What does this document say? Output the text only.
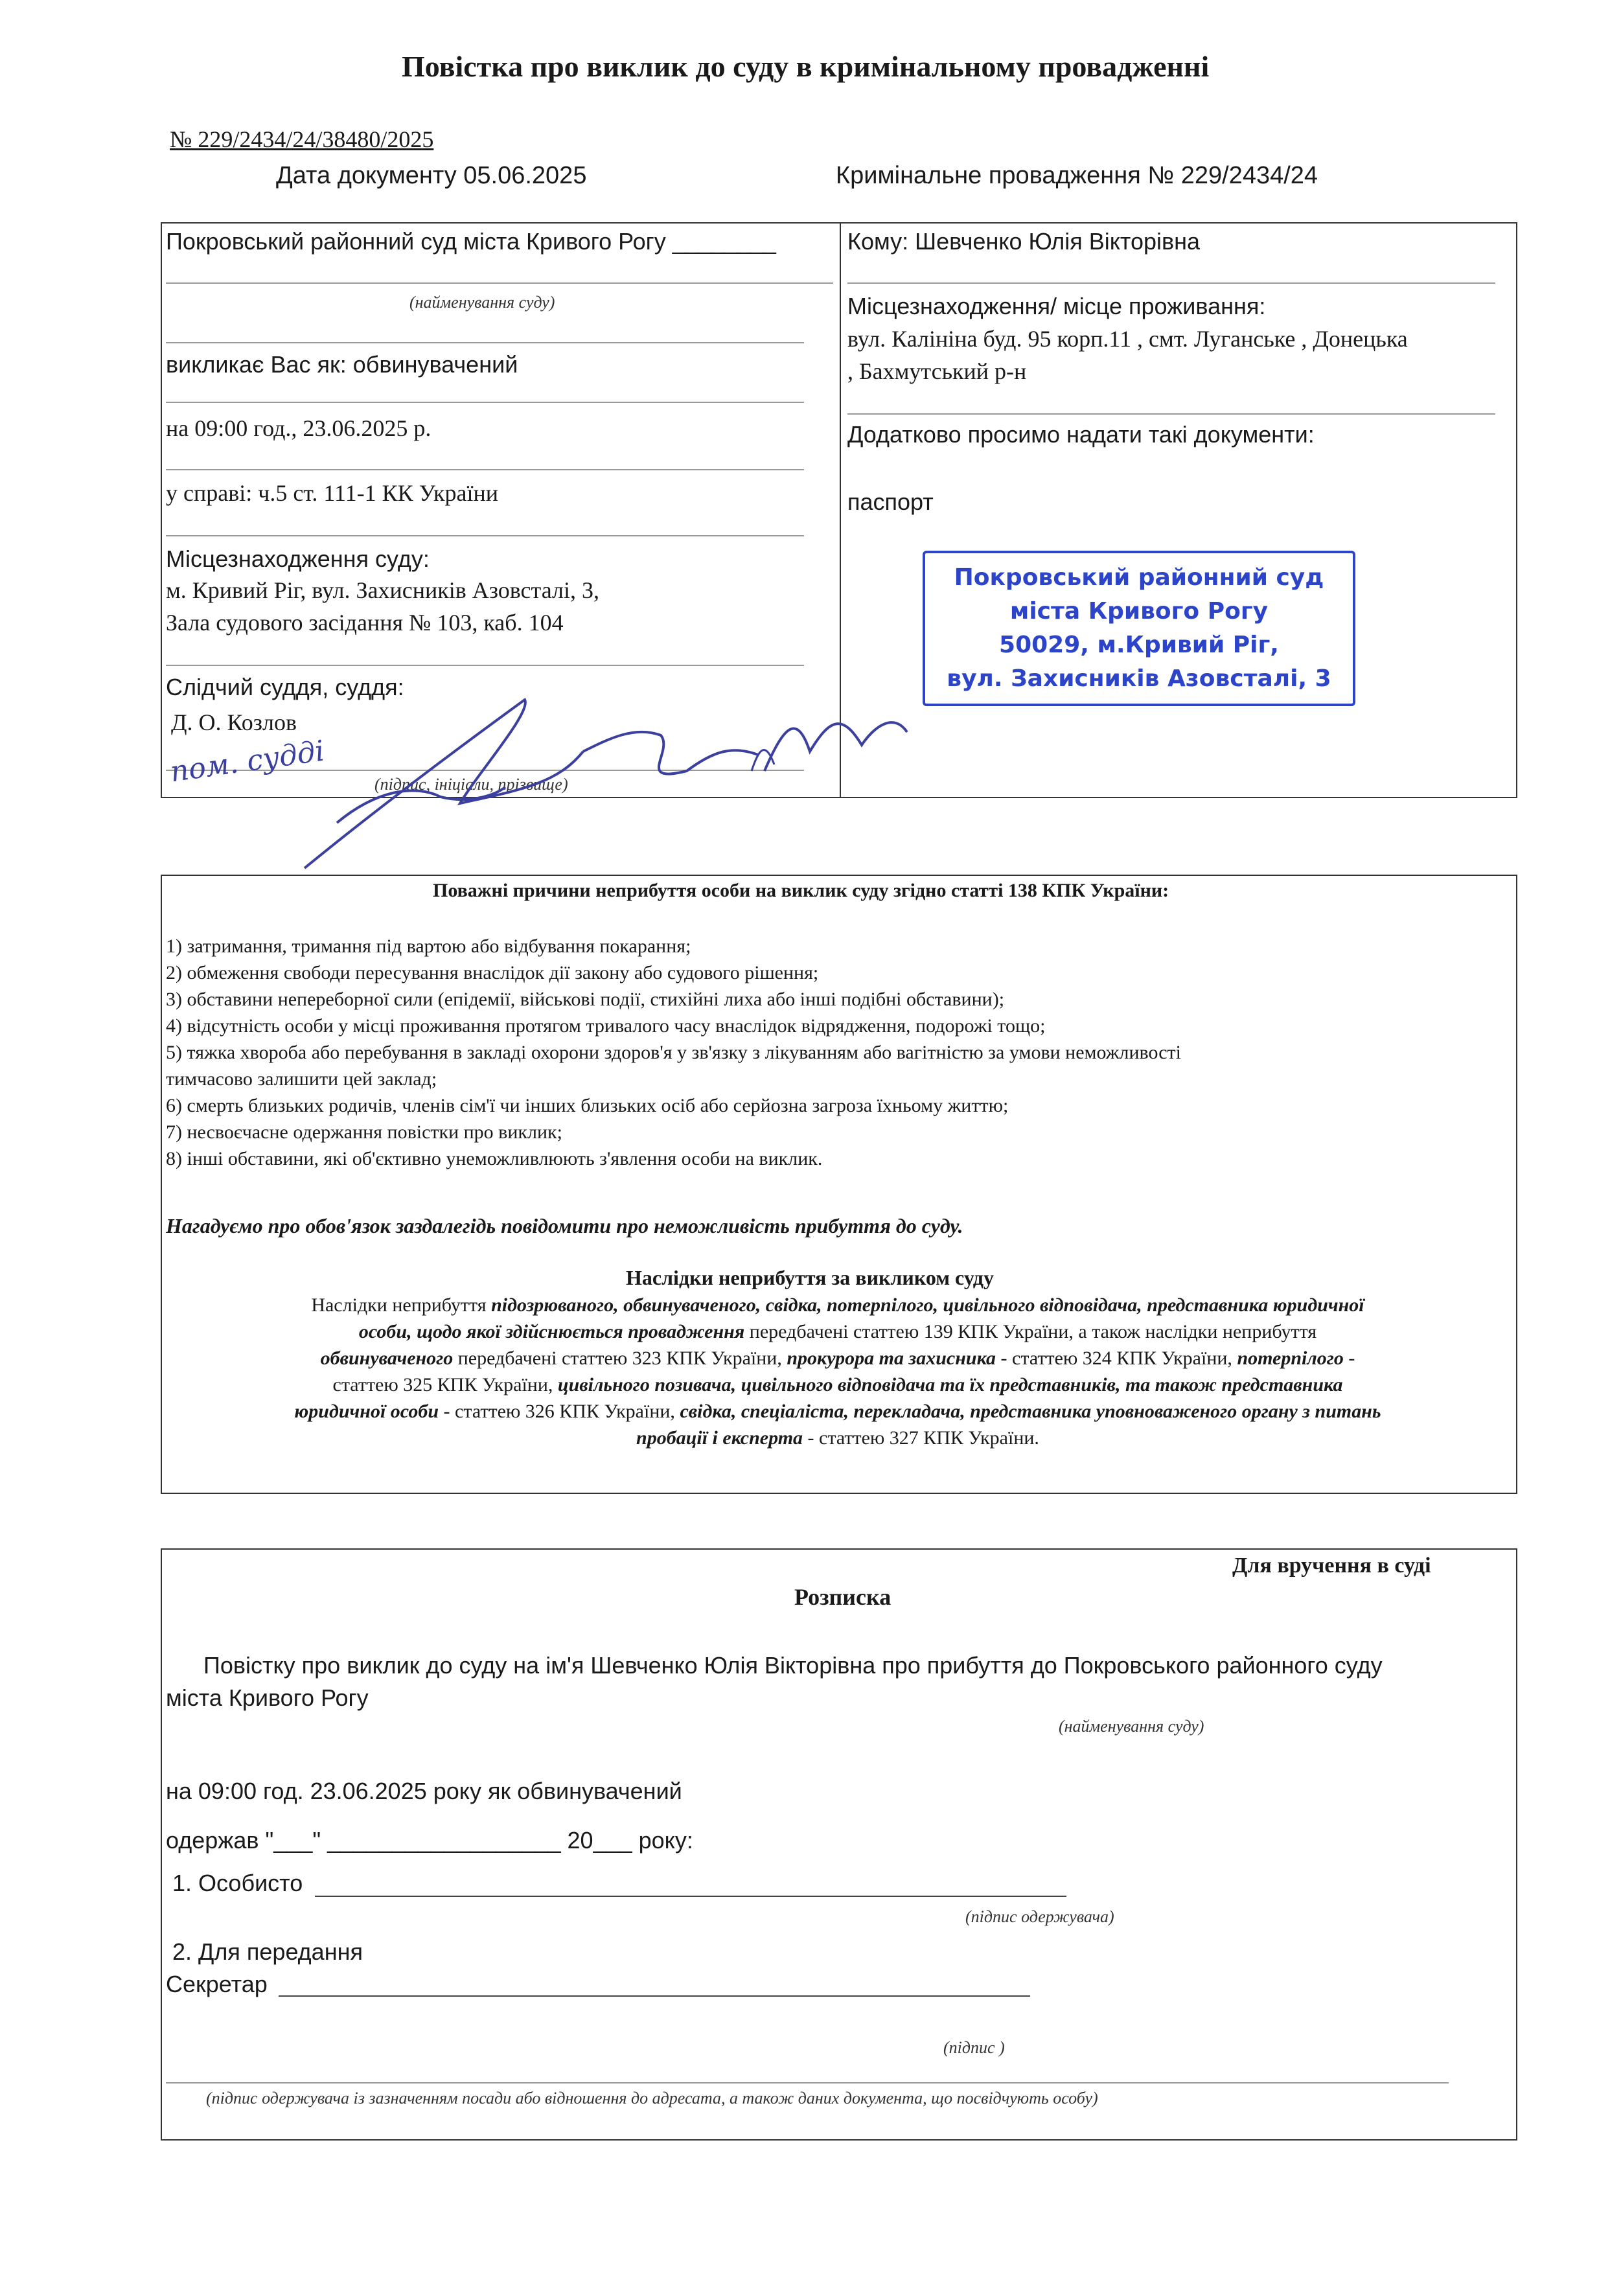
Повістка про виклик до суду в кримінальному провадженні
№ 229/2434/24/38480/2025
Дата документу 05.06.2025	Кримінальне провадження № 229/2434/24
Покровський районний суд міста Кривого Рогу ________
(найменування суду)
викликає Вас як: обвинувачений
на 09:00 год., 23.06.2025 р.
у справі: ч.5 ст. 111-1 КК України
Місцезнаходження суду:
м. Кривий Ріг, вул. Захисників Азовсталі, 3,
Зала судового засідання № 103, каб. 104
Слідчий суддя, суддя:
Д. О. Козлов
(підпис, ініціали, прізвище)
пом. судді
Кому: Шевченко Юлія Вікторівна
Місцезнаходження/ місце проживання:
вул. Калініна буд. 95 корп.11 , смт. Луганське , Донецька
, Бахмутський р-н
Додатково просимо надати такі документи:
паспорт
Покровський районний суд
міста Кривого Рогу
50029, м.Кривий Ріг,
вул. Захисників Азовсталі, 3
Поважні причини неприбуття особи на виклик суду згідно статті 138 КПК України:
1) затримання, тримання під вартою або відбування покарання;
2) обмеження свободи пересування внаслідок дії закону або судового рішення;
3) обставини непереборної сили (епідемії, військові події, стихійні лиха або інші подібні обставини);
4) відсутність особи у місці проживання протягом тривалого часу внаслідок відрядження, подорожі тощо;
5) тяжка хвороба або перебування в закладі охорони здоров'я у зв'язку з лікуванням або вагітністю за умови неможливості
тимчасово залишити цей заклад;
6) смерть близьких родичів, членів сім'ї чи інших близьких осіб або серйозна загроза їхньому життю;
7) несвоєчасне одержання повістки про виклик;
8) інші обставини, які об'єктивно унеможливлюють з'явлення особи на виклик.
Нагадуємо про обов'язок заздалегідь повідомити про неможливість прибуття до суду.
Наслідки неприбуття за викликом суду
Наслідки неприбуття підозрюваного, обвинуваченого, свідка, потерпілого, цивільного відповідача, представника юридичної
особи, щодо якої здійснюється провадження передбачені статтею 139 КПК України, а також наслідки неприбуття
обвинуваченого передбачені статтею 323 КПК України, прокурора та захисника - статтею 324 КПК України, потерпілого -
статтею 325 КПК України, цивільного позивача, цивільного відповідача та їх представників, та також представника
юридичної особи - статтею 326 КПК України, свідка, спеціаліста, перекладача, представника уповноваженого органу з питань
пробації і експерта - статтею 327 КПК України.
Для вручення в суді
Розписка
Повістку про виклик до суду на ім'я Шевченко Юлія Вікторівна про прибуття до Покровського районного суду
міста Кривого Рогу
(найменування суду)
на 09:00 год. 23.06.2025 року як обвинувачений
одержав "___" __________________ 20___ року:
1. Особисто
(підпис одержувача)
2. Для передання
Секретар
(підпис )
(підпис одержувача із зазначенням посади або відношення до адресата, а також даних документа, що посвідчують особу)
